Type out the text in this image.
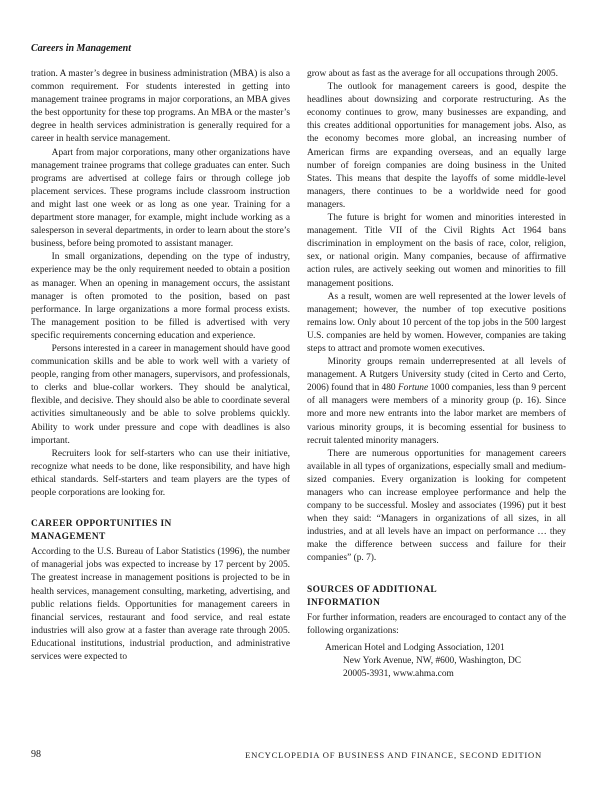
Careers in Management

tration. A master’s degree in business administration (MBA) is also a common requirement. For students interested in getting into management trainee programs in major corporations, an MBA gives the best opportunity for these top programs. An MBA or the master’s degree in health services administration is generally required for a career in health service management.

Apart from major corporations, many other organizations have management trainee programs that college graduates can enter. Such programs are advertised at college fairs or through college job placement services. These programs include classroom instruction and might last one week or as long as one year. Training for a department store manager, for example, might include working as a salesperson in several departments, in order to learn about the store’s business, before being promoted to assistant manager.

In small organizations, depending on the type of industry, experience may be the only requirement needed to obtain a position as manager. When an opening in management occurs, the assistant manager is often promoted to the position, based on past performance. In large organizations a more formal process exists. The management position to be filled is advertised with very specific requirements concerning education and experience.

Persons interested in a career in management should have good communication skills and be able to work well with a variety of people, ranging from other managers, supervisors, and professionals, to clerks and blue-collar workers. They should be analytical, flexible, and decisive. They should also be able to coordinate several activities simultaneously and be able to solve problems quickly. Ability to work under pressure and cope with deadlines is also important.

Recruiters look for self-starters who can use their initiative, recognize what needs to be done, like responsibility, and have high ethical standards. Self-starters and team players are the types of people corporations are looking for.

CAREER OPPORTUNITIES IN
MANAGEMENT

According to the U.S. Bureau of Labor Statistics (1996), the number of managerial jobs was expected to increase by 17 percent by 2005. The greatest increase in management positions is projected to be in health services, management consulting, marketing, advertising, and public relations fields. Opportunities for management careers in financial services, restaurant and food service, and real estate industries will also grow at a faster than average rate through 2005. Educational institutions, industrial production, and administrative services were expected to

grow about as fast as the average for all occupations through 2005.

The outlook for management careers is good, despite the headlines about downsizing and corporate restructuring. As the economy continues to grow, many businesses are expanding, and this creates additional opportunities for management jobs. Also, as the economy becomes more global, an increasing number of American firms are expanding overseas, and an equally large number of foreign companies are doing business in the United States. This means that despite the layoffs of some middle-level managers, there continues to be a worldwide need for good managers.

The future is bright for women and minorities interested in management. Title VII of the Civil Rights Act 1964 bans discrimination in employment on the basis of race, color, religion, sex, or national origin. Many companies, because of affirmative action rules, are actively seeking out women and minorities to fill management positions.

As a result, women are well represented at the lower levels of management; however, the number of top executive positions remains low. Only about 10 percent of the top jobs in the 500 largest U.S. companies are held by women. However, companies are taking steps to attract and promote women executives.

Minority groups remain underrepresented at all levels of management. A Rutgers University study (cited in Certo and Certo, 2006) found that in 480 Fortune 1000 companies, less than 9 percent of all managers were members of a minority group (p. 16). Since more and more new entrants into the labor market are members of various minority groups, it is becoming essential for business to recruit talented minority managers.

There are numerous opportunities for management careers available in all types of organizations, especially small and medium-sized companies. Every organization is looking for competent managers who can increase employee performance and help the company to be successful. Mosley and associates (1996) put it best when they said: “Managers in organizations of all sizes, in all industries, and at all levels have an impact on performance … they make the difference between success and failure for their companies” (p. 7).

SOURCES OF ADDITIONAL
INFORMATION

For further information, readers are encouraged to contact any of the following organizations:

American Hotel and Lodging Association, 1201
New York Avenue, NW, #600, Washington, DC
20005-3931, www.ahma.com
98	ENCYCLOPEDIA OF BUSINESS AND FINANCE, SECOND EDITION
